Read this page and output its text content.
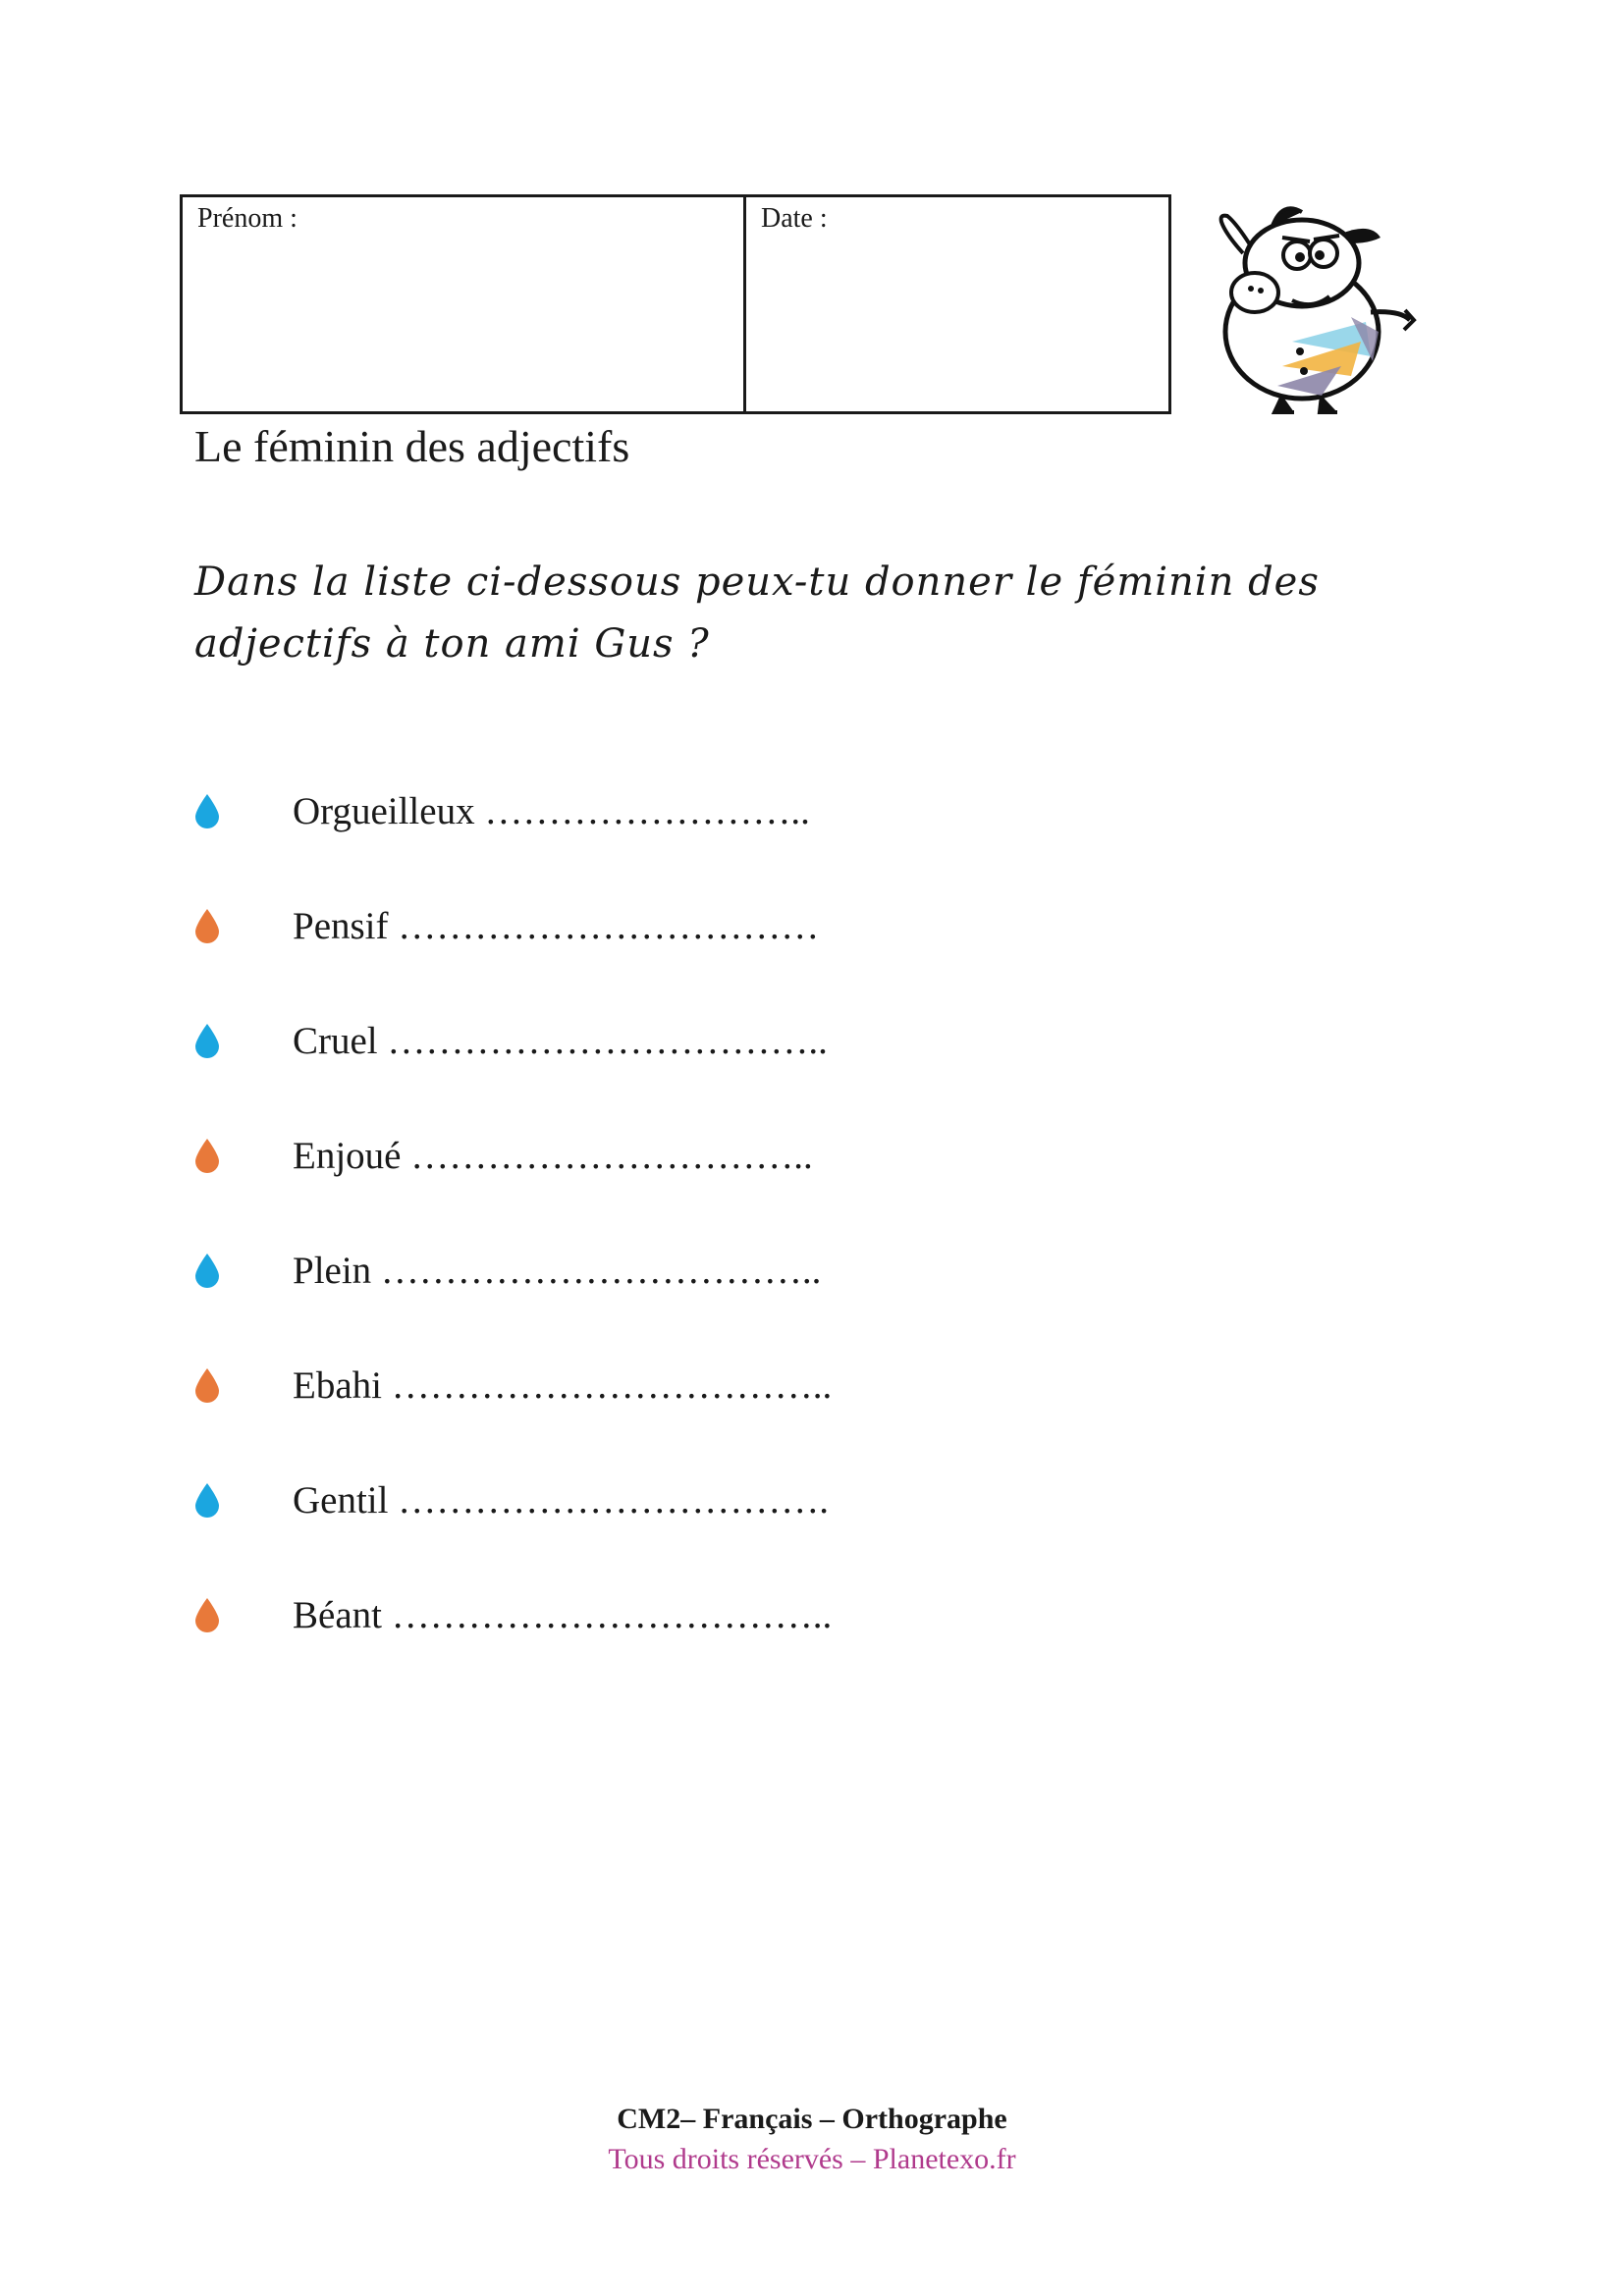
Prénom :	Date :
Le féminin des adjectifs
Dans la liste ci-dessous peux-tu donner le féminin des adjectifs à ton ami Gus ?
Orgueilleux ……………………..
Pensif ……………………………
Cruel ……………………………..
Enjoué …………………………..
Plein ……………………………..
Ebahi ……………………………..
Gentil …………………………….
Béant ……………………………..
CM2– Français – Orthographe
Tous droits réservés – Planetexo.fr
